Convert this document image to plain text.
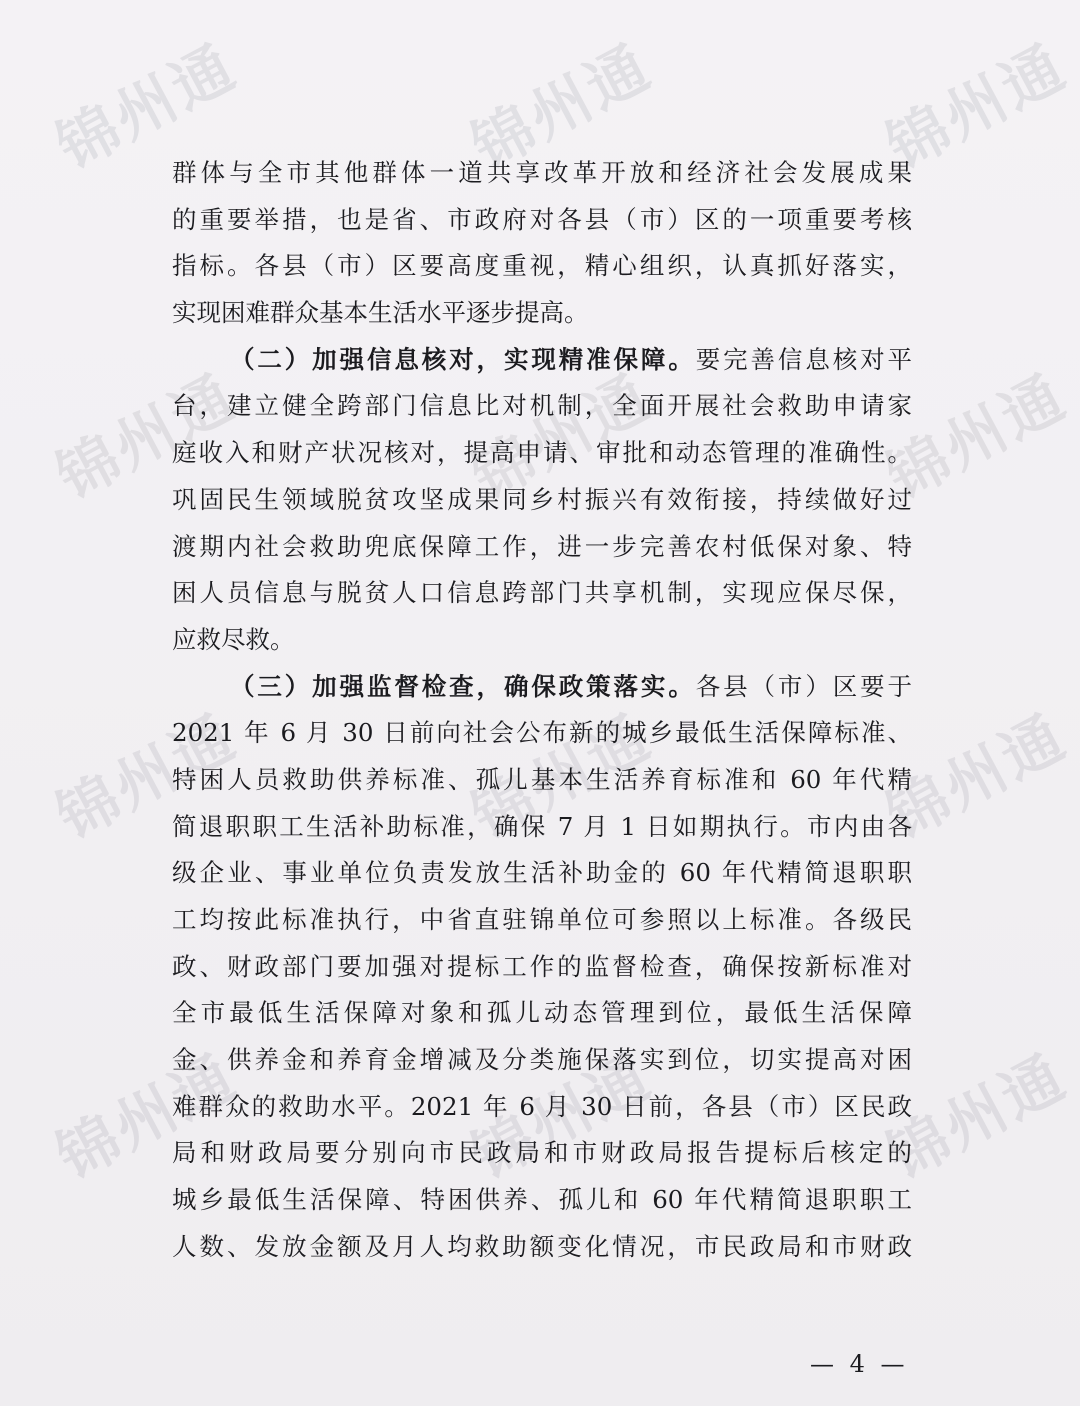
锦州通	锦州通	锦州通
锦州通	锦州通	锦州通
锦州通	锦州通	锦州通
锦州通	锦州通	锦州通
群体与全市其他群体一道共享改革开放和经济社会发展成果
的重要举措，也是省、市政府对各县（市）区的一项重要考核
指标。各县（市）区要高度重视，精心组织，认真抓好落实，
实现困难群众基本生活水平逐步提高。
（二）加强信息核对，实现精准保障。要完善信息核对平
台，建立健全跨部门信息比对机制，全面开展社会救助申请家
庭收入和财产状况核对，提高申请、审批和动态管理的准确性。
巩固民生领域脱贫攻坚成果同乡村振兴有效衔接，持续做好过
渡期内社会救助兜底保障工作，进一步完善农村低保对象、特
困人员信息与脱贫人口信息跨部门共享机制，实现应保尽保，
应救尽救。
（三）加强监督检查，确保政策落实。各县（市）区要于
2021 年 6 月 30 日前向社会公布新的城乡最低生活保障标准、
特困人员救助供养标准、孤儿基本生活养育标准和 60 年代精
简退职职工生活补助标准，确保 7 月 1 日如期执行。市内由各
级企业、事业单位负责发放生活补助金的 60 年代精简退职职
工均按此标准执行，中省直驻锦单位可参照以上标准。各级民
政、财政部门要加强对提标工作的监督检查，确保按新标准对
全市最低生活保障对象和孤儿动态管理到位，最低生活保障
金、供养金和养育金增减及分类施保落实到位，切实提高对困
难群众的救助水平。2021 年 6 月 30 日前，各县（市）区民政
局和财政局要分别向市民政局和市财政局报告提标后核定的
城乡最低生活保障、特困供养、孤儿和 60 年代精简退职职工
人数、发放金额及月人均救助额变化情况，市民政局和市财政
— 4 —
